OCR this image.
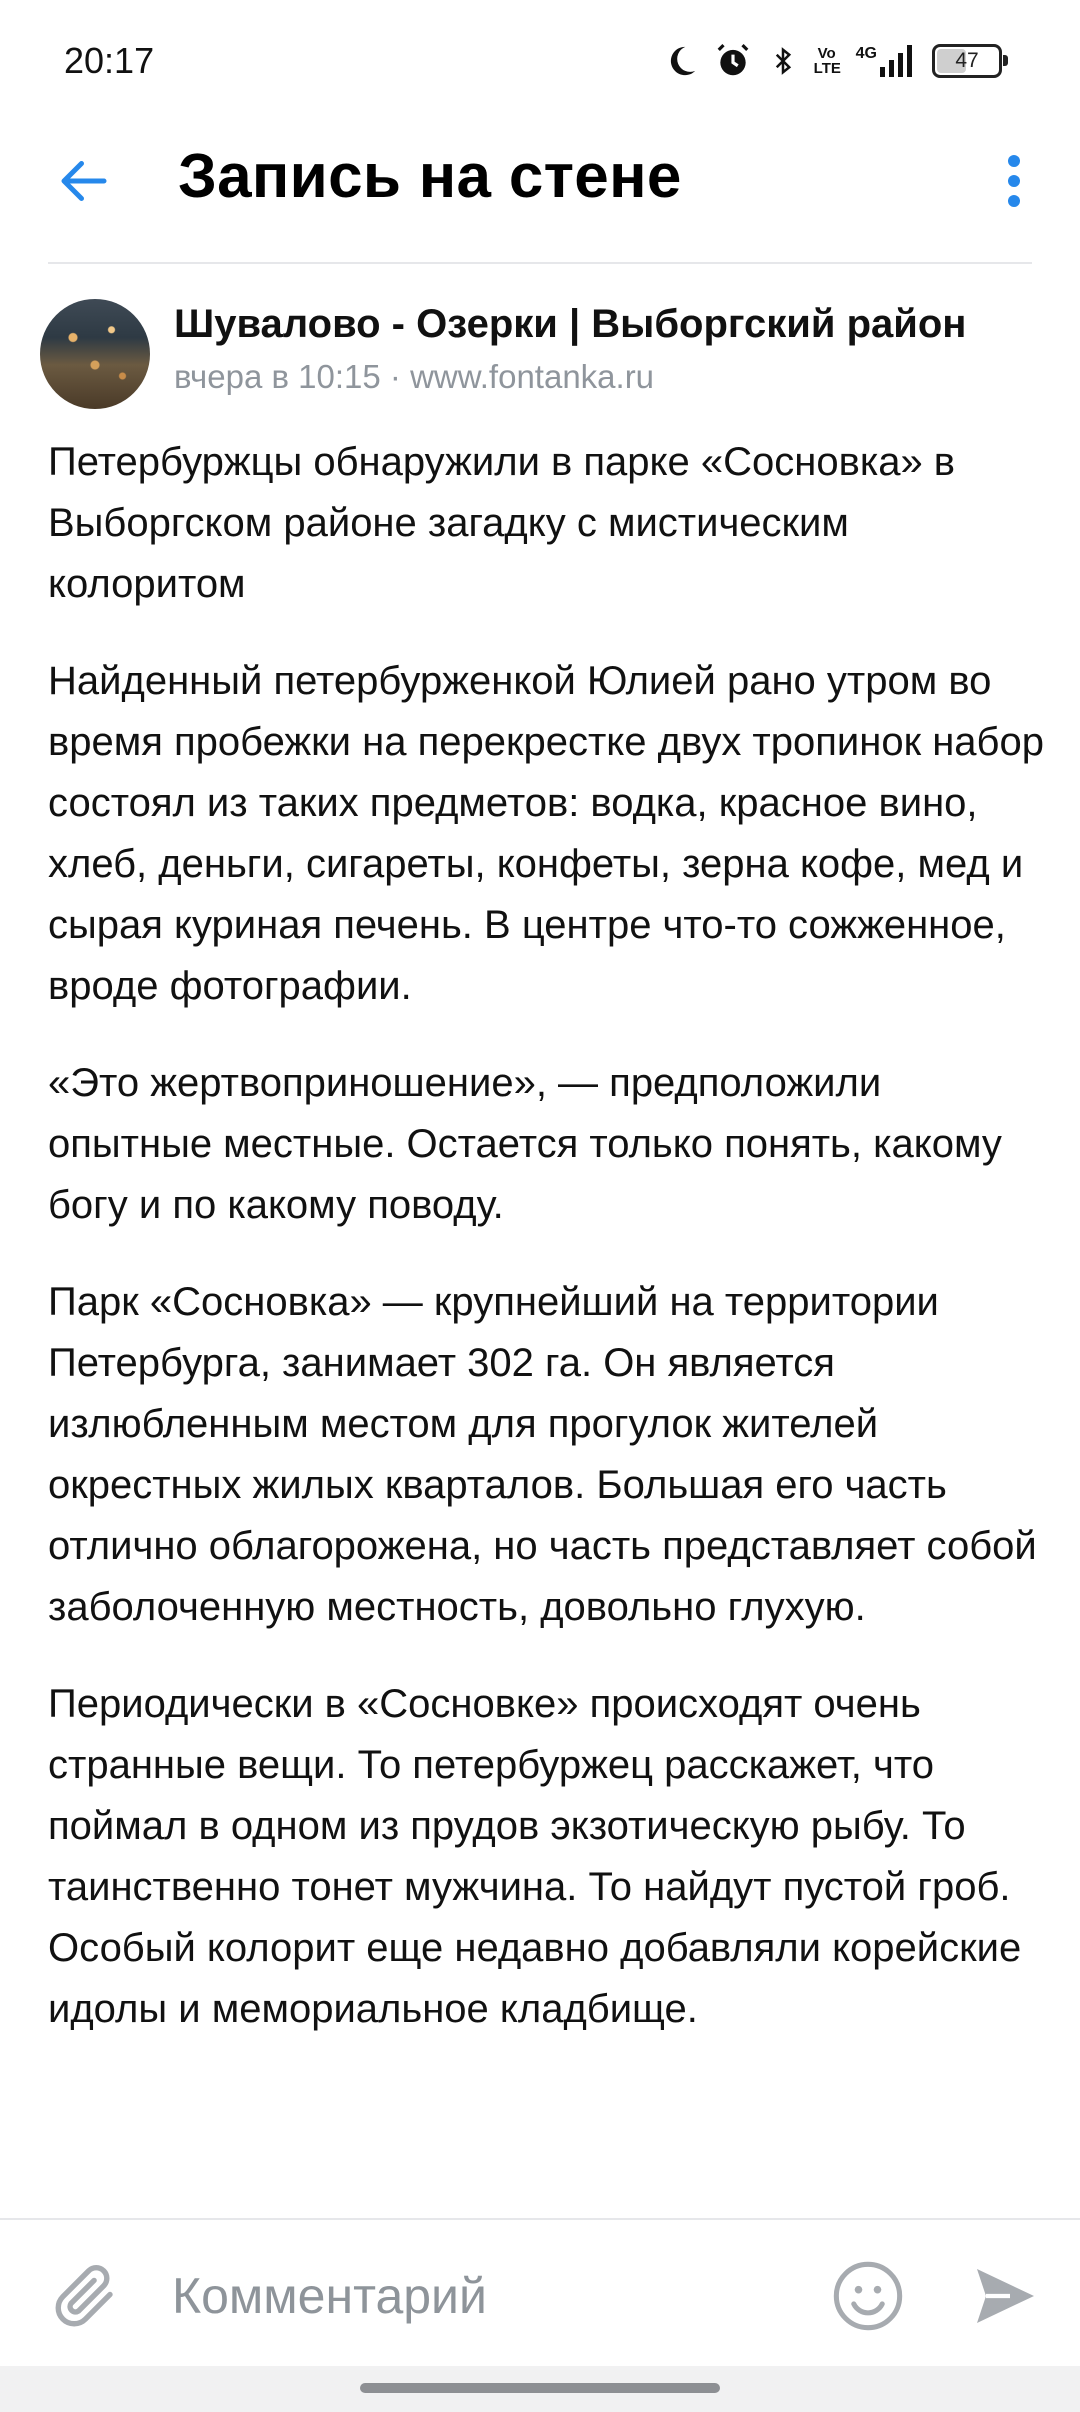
20:17	Vo LTE
4G	47
Запись на стене
Шувалово - Озерки | Выборгский район
вчера в 10:15 · www.fontanka.ru

Петербуржцы обнаружили в парке «Сосновка» в Выборгском районе загадку с мистическим колоритом

Найденный петербурженкой Юлией рано утром во время пробежки на перекрестке двух тропинок набор состоял из таких предметов: водка, красное вино, хлеб, деньги, сигареты, конфеты, зерна кофе, мед и сырая куриная печень. В центре что-то сожженное, вроде фотографии.

«Это жертвоприношение», — предположили опытные местные. Остается только понять, какому богу и по какому поводу.

Парк «Сосновка» — крупнейший на территории Петербурга, занимает 302 га. Он является излюбленным местом для прогулок жителей окрестных жилых кварталов. Большая его часть отлично облагорожена, но часть представляет собой заболоченную местность, довольно глухую.

Периодически в «Сосновке» происходят очень странные вещи. То петербуржец расскажет, что поймал в одном из прудов экзотическую рыбу. То таинственно тонет мужчина. То найдут пустой гроб. Особый колорит еще недавно добавляли корейские идолы и мемориальное кладбище.

Комментарий
